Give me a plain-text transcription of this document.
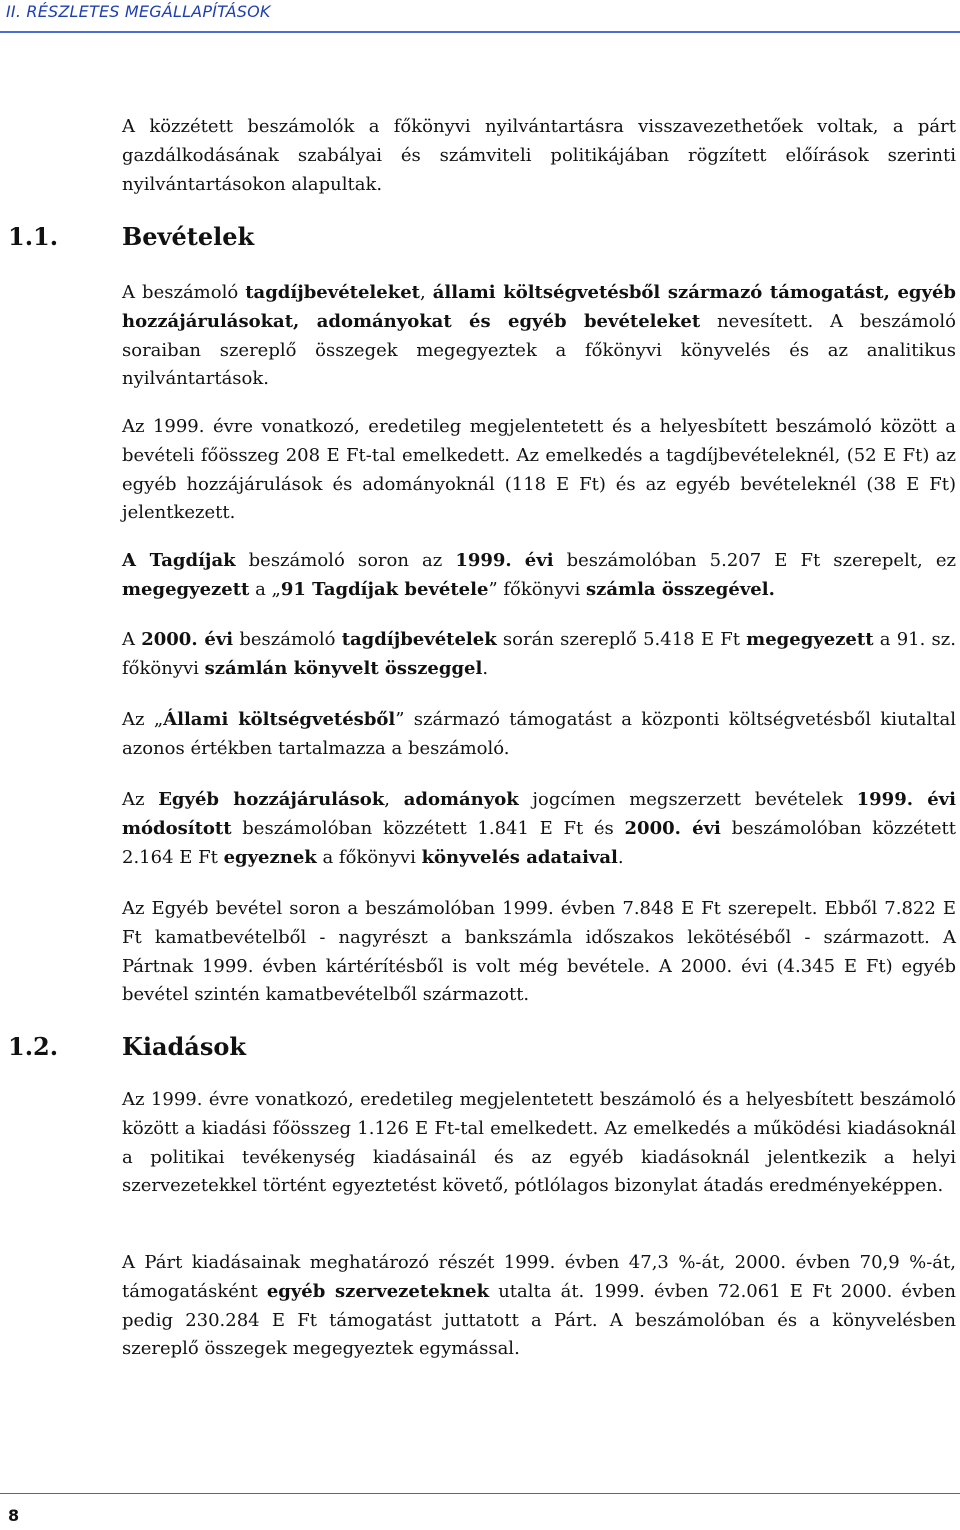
II. RÉSZLETES MEGÁLLAPÍTÁSOK
A közzétett beszámolók a főkönyvi nyilvántartásra visszavezethetőek voltak, a párt gazdálkodásának szabályai és számviteli politikájában rögzített előírások szerinti nyilvántartásokon alapultak.
1.1.	Bevételek
A beszámoló tagdíjbevételeket, állami költségvetésből származó támogatást, egyéb hozzájárulásokat, adományokat és egyéb bevételeket nevesített. A beszámoló soraiban szereplő összegek megegyeztek a főkönyvi könyvelés és az analitikus nyilvántartások.
Az 1999. évre vonatkozó, eredetileg megjelentetett és a helyesbített beszámoló között a bevételi főösszeg 208 E Ft-tal emelkedett. Az emelkedés a tagdíjbevételeknél, (52 E Ft) az egyéb hozzájárulások és adományoknál (118 E Ft) és az egyéb bevételeknél (38 E Ft) jelentkezett.
A Tagdíjak beszámoló soron az 1999. évi beszámolóban 5.207 E Ft szerepelt, ez megegyezett a „91 Tagdíjak bevétele” főkönyvi számla összegével.
A 2000. évi beszámoló tagdíjbevételek során szereplő 5.418 E Ft megegyezett a 91. sz. főkönyvi számlán könyvelt összeggel.
Az „Állami költségvetésből” származó támogatást a központi költségvetésből kiutaltal azonos értékben tartalmazza a beszámoló.
Az Egyéb hozzájárulások, adományok jogcímen megszerzett bevételek 1999. évi módosított beszámolóban közzétett 1.841 E Ft és 2000. évi beszámolóban közzétett 2.164 E Ft egyeznek a főkönyvi könyvelés adataival.
Az Egyéb bevétel soron a beszámolóban 1999. évben 7.848 E Ft szerepelt. Ebből 7.822 E Ft kamatbevételből - nagyrészt a bankszámla időszakos lekötéséből - származott. A Pártnak 1999. évben kártérítésből is volt még bevétele. A 2000. évi (4.345 E Ft) egyéb bevétel szintén kamatbevételből származott.
1.2.	Kiadások
Az 1999. évre vonatkozó, eredetileg megjelentetett beszámoló és a helyesbített beszámoló között a kiadási főösszeg 1.126 E Ft-tal emelkedett. Az emelkedés a működési kiadásoknál a politikai tevékenység kiadásainál és az egyéb kiadásoknál jelentkezik a helyi szervezetekkel történt egyeztetést követő, pótlólagos bizonylat átadás eredményeképpen.
A Párt kiadásainak meghatározó részét 1999. évben 47,3 %-át, 2000. évben 70,9 %-át, támogatásként egyéb szervezeteknek utalta át. 1999. évben 72.061 E Ft 2000. évben pedig 230.284 E Ft támogatást juttatott a Párt. A beszámolóban és a könyvelésben szereplő összegek megegyeztek egymással.
8
